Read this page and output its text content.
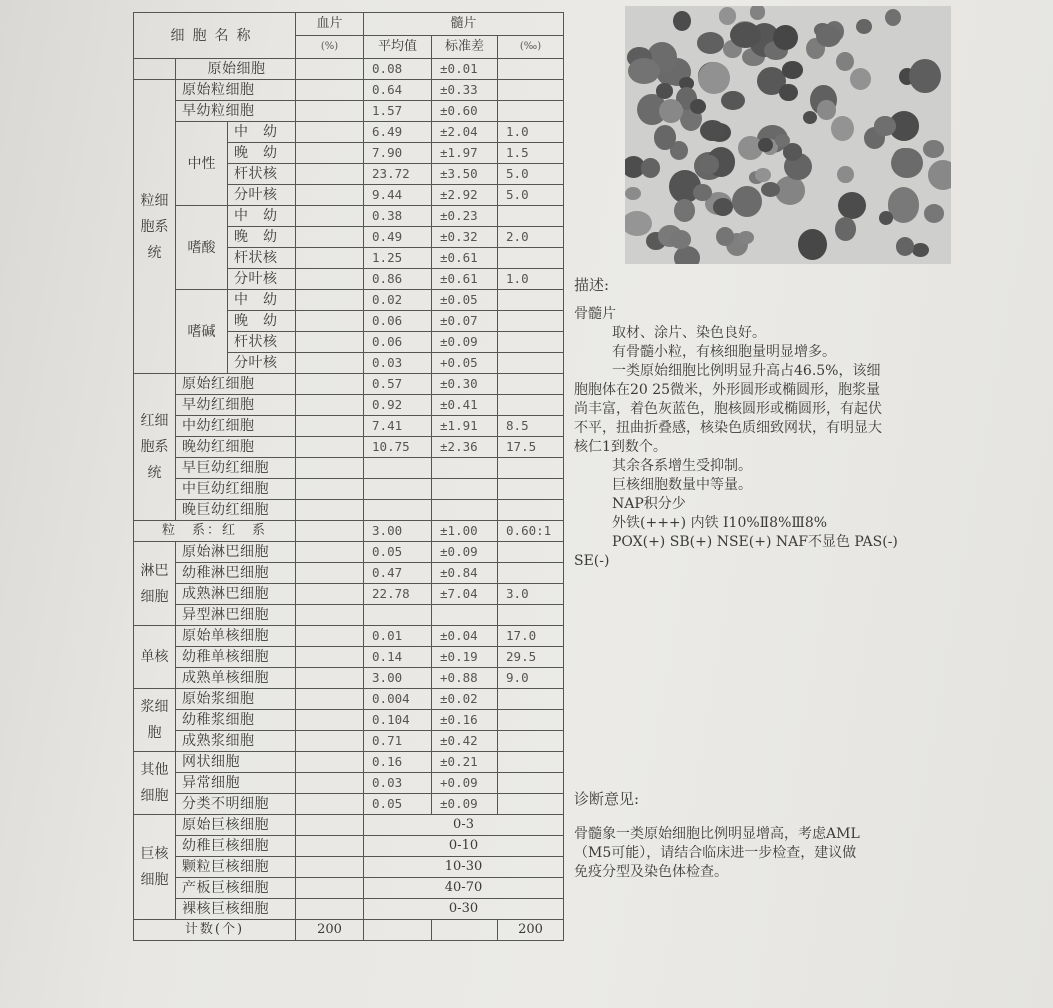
细胞名称			血片	髓片		
			(%)	平均值	标准差	(‰)
	原始细胞			0.08	±0.01	
粒细胞系统	原始粒细胞			0.64	±0.33	
	早幼粒细胞			1.57	±0.60	
	中性	中　幼		6.49	±2.04	1.0
		晚　幼		7.90	±1.97	1.5
		杆状核		23.72	±3.50	5.0
		分叶核		9.44	±2.92	5.0
	嗜酸	中　幼		0.38	±0.23	
		晚　幼		0.49	±0.32	2.0
		杆状核		1.25	±0.61	
		分叶核		0.86	±0.61	1.0
	嗜碱	中　幼		0.02	±0.05	
		晚　幼		0.06	±0.07	
		杆状核		0.06	±0.09	
		分叶核		0.03	+0.05	
红细胞系统	原始红细胞			0.57	±0.30	
	早幼红细胞			0.92	±0.41	
	中幼红细胞			7.41	±1.91	8.5
	晚幼红细胞			10.75	±2.36	17.5
	早巨幼红细胞					
	中巨幼红细胞					
	晚巨幼红细胞					
粒　系：红　系				3.00	±1.00	0.60:1
淋巴细胞	原始淋巴细胞			0.05	±0.09	
	幼稚淋巴细胞			0.47	±0.84	
	成熟淋巴细胞			22.78	±7.04	3.0
	异型淋巴细胞					
单核	原始单核细胞			0.01	±0.04	17.0
	幼稚单核细胞			0.14	±0.19	29.5
	成熟单核细胞			3.00	+0.88	9.0
浆细胞	原始浆细胞			0.004	±0.02	
	幼稚浆细胞			0.104	±0.16	
	成熟浆细胞			0.71	±0.42	
其他细胞	网状细胞			0.16	±0.21	
	异常细胞			0.03	+0.09	
	分类不明细胞			0.05	±0.09	
巨核细胞	原始巨核细胞			0-3		
	幼稚巨核细胞			0-10		
	颗粒巨核细胞			10-30		
	产板巨核细胞			40-70		
	裸核巨核细胞			0-30		
计数(个)			200			200

描述:

骨髓片

取材、涂片、染色良好。

有骨髓小粒，有核细胞量明显增多。

一类原始细胞比例明显升高占46.5%，该细

胞胞体在20 25微米，外形圆形或椭圆形，胞浆量

尚丰富，着色灰蓝色，胞核圆形或椭圆形，有起伏

不平，扭曲折叠感，核染色质细致网状，有明显大

核仁1到数个。

其余各系增生受抑制。

巨核细胞数量中等量。

NAP积分少

外铁(+++) 内铁 Ⅰ10%Ⅱ8%Ⅲ8%

POX(+) SB(+) NSE(+) NAF不显色 PAS(-)

SE(-)

诊断意见:

骨髓象一类原始细胞比例明显增高，考虑AML

（M5可能），请结合临床进一步检查，建议做

免疫分型及染色体检查。
